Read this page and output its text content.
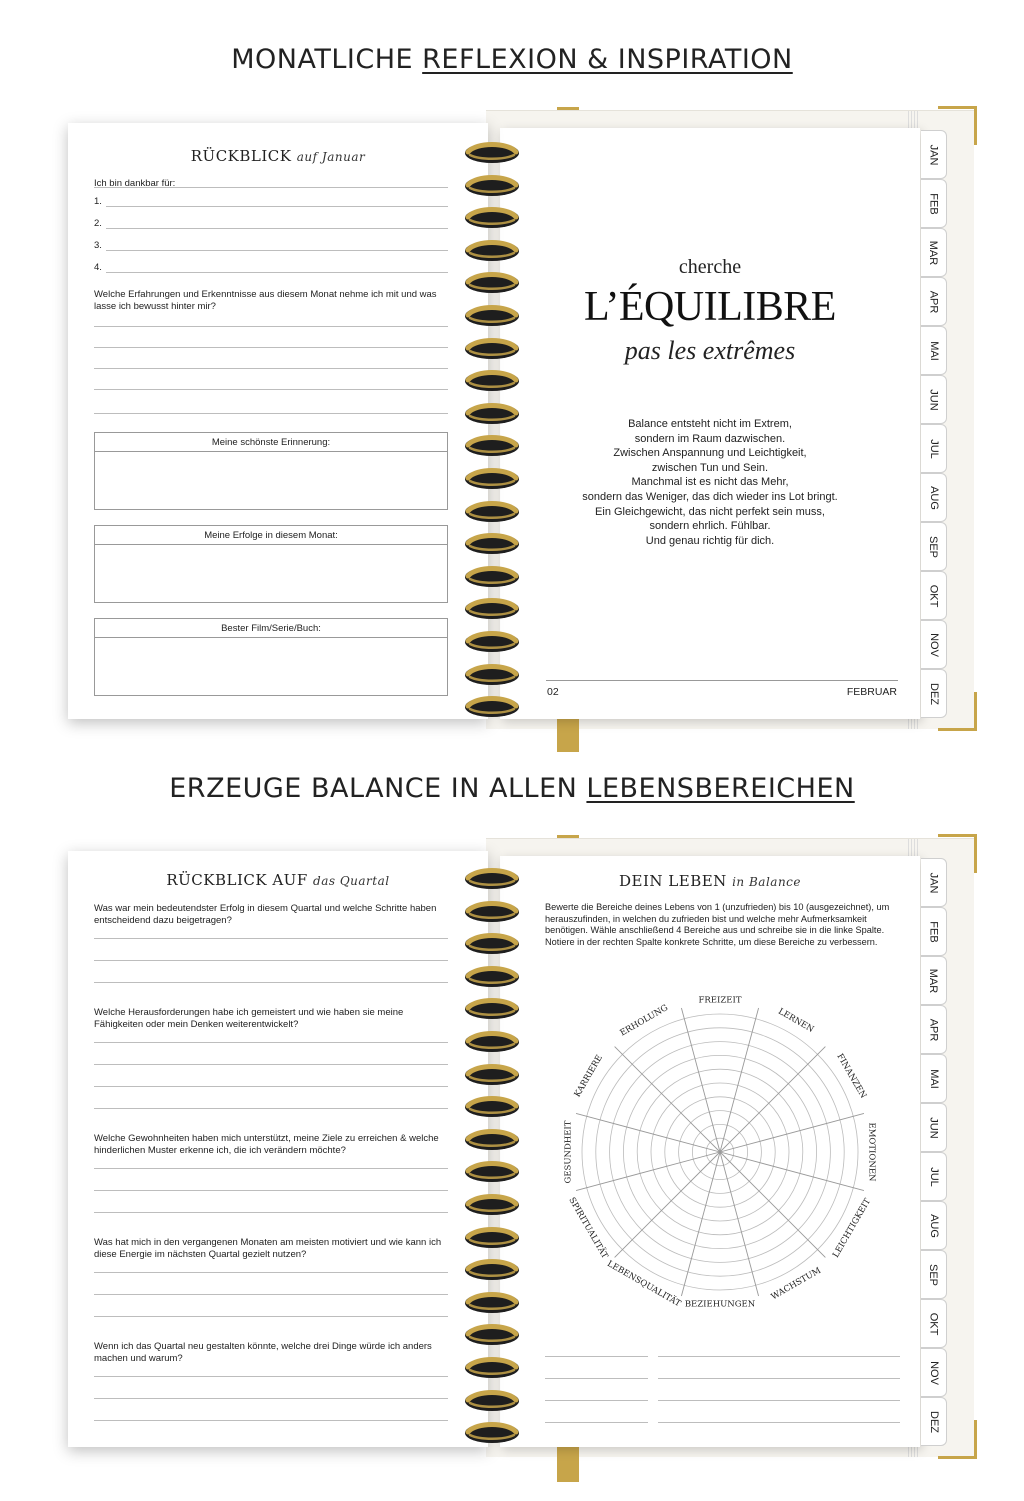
MONATLICHE REFLEXION & INSPIRATION
ERZEUGE BALANCE IN ALLEN LEBENSBEREICHEN
cherche
L’ÉQUILIBRE
pas les extrêmes
Balance entsteht nicht im Extrem,
sondern im Raum dazwischen.
Zwischen Anspannung und Leichtigkeit,
zwischen Tun und Sein.
Manchmal ist es nicht das Mehr,
sondern das Weniger, das dich wieder ins Lot bringt.
Ein Gleichgewicht, das nicht perfekt sein muss,
sondern ehrlich. Fühlbar.
Und genau richtig für dich.
02	FEBRUAR
JAN
FEB
MAR
APR
MAI
JUN
JUL
AUG
SEP
OKT
NOV
DEZ
RÜCKBLICK auf Januar
Ich bin dankbar für:
1.
2.
3.
4.
Welche Erfahrungen und Erkenntnisse aus diesem Monat nehme ich mit und was lasse ich bewusst hinter mir?
Meine schönste Erinnerung:
Meine Erfolge in diesem Monat:
Bester Film/Serie/Buch:
DEIN LEBEN in Balance
Bewerte die Bereiche deines Lebens von 1 (unzufrieden) bis 10 (ausgezeichnet), um herauszufinden, in welchen du zufrieden bist und welche mehr Aufmerksamkeit benötigen. Wähle anschließend 4 Bereiche aus und schreibe sie in die linke Spalte. Notiere in der rechten Spalte konkrete Schritte, um diese Bereiche zu verbessern.
FREIZEIT
LERNEN
FINANZEN
EMOTIONEN
LEICHTIGKEIT
WACHSTUM
BEZIEHUNGEN
LEBENSQUALITÄT
SPIRITUALITÄT
GESUNDHEIT
KARRIERE
ERHOLUNG
JAN
FEB
MAR
APR
MAI
JUN
JUL
AUG
SEP
OKT
NOV
DEZ
RÜCKBLICK AUF das Quartal
Was war mein bedeutendster Erfolg in diesem Quartal und welche Schritte haben entscheidend dazu beigetragen?
Welche Herausforderungen habe ich gemeistert und wie haben sie meine Fähigkeiten oder mein Denken weiterentwickelt?
Welche Gewohnheiten haben mich unterstützt, meine Ziele zu erreichen & welche hinderlichen Muster erkenne ich, die ich verändern möchte?
Was hat mich in den vergangenen Monaten am meisten motiviert und wie kann ich diese Energie im nächsten Quartal gezielt nutzen?
Wenn ich das Quartal neu gestalten könnte, welche drei Dinge würde ich anders machen und warum?
